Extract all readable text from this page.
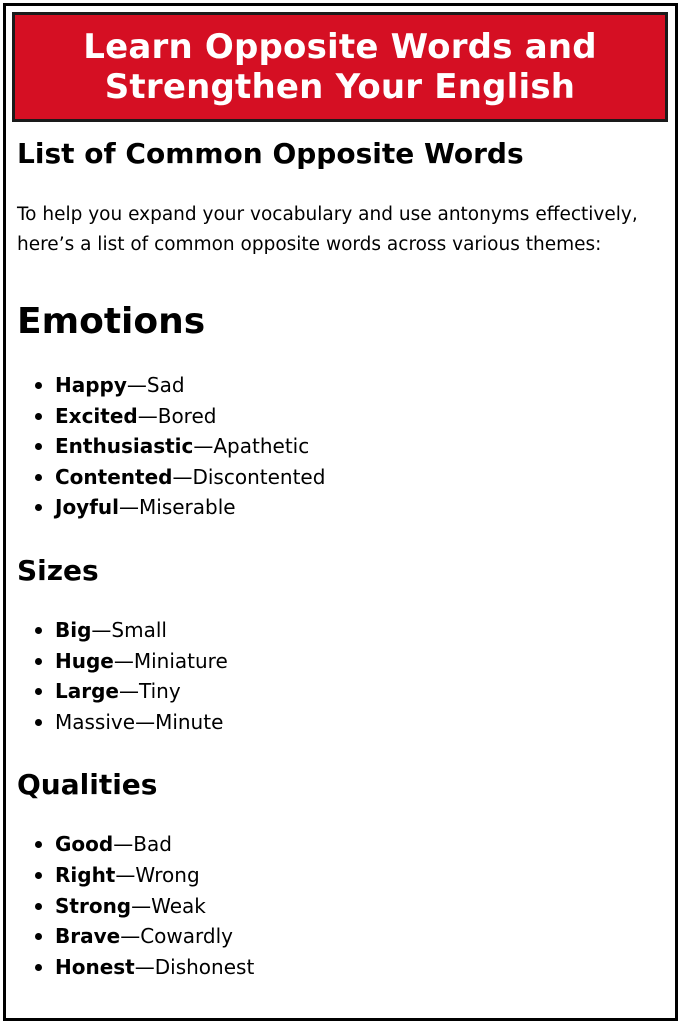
Learn Opposite Words and
Strengthen Your English
List of Common Opposite Words

To help you expand your vocabulary and use antonyms effectively,
here’s a list of common opposite words across various themes:

Emotions
Happy—Sad
Excited—Bored
Enthusiastic—Apathetic
Contented—Discontented
Joyful—Miserable
Sizes
Big—Small
Huge—Miniature
Large—Tiny
Massive—Minute
Qualities
Good—Bad
Right—Wrong
Strong—Weak
Brave—Cowardly
Honest—Dishonest
